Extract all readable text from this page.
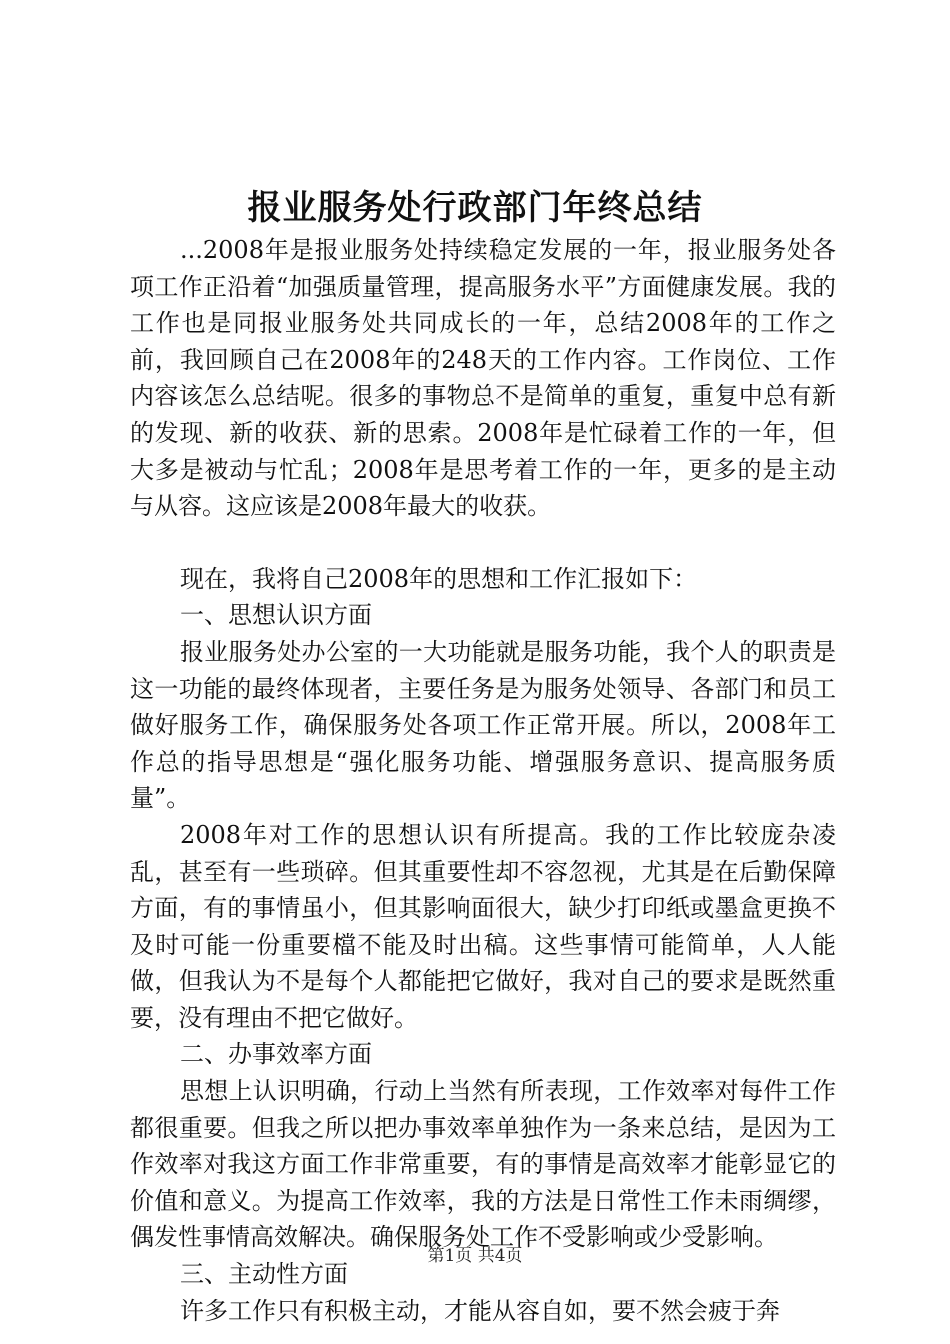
报业服务处行政部门年终总结

...2008年是报业服务处持续稳定发展的一年，报业服务处各项工作正沿着“加强质量管理，提高服务水平”方面健康发展。我的工作也是同报业服务处共同成长的一年，总结2008年的工作之前，我回顾自己在2008年的248天的工作内容。工作岗位、工作内容该怎么总结呢。很多的事物总不是简单的重复，重复中总有新的发现、新的收获、新的思索。2008年是忙碌着工作的一年，但大多是被动与忙乱；2008年是思考着工作的一年，更多的是主动与从容。这应该是2008年最大的收获。

现在，我将自己2008年的思想和工作汇报如下：

一、思想认识方面

报业服务处办公室的一大功能就是服务功能，我个人的职责是这一功能的最终体现者，主要任务是为服务处领导、各部门和员工做好服务工作，确保服务处各项工作正常开展。所以，2008年工作总的指导思想是“强化服务功能、增强服务意识、提高服务质量”。

2008年对工作的思想认识有所提高。我的工作比较庞杂凌乱，甚至有一些琐碎。但其重要性却不容忽视，尤其是在后勤保障方面，有的事情虽小，但其影响面很大，缺少打印纸或墨盒更换不及时可能一份重要檔不能及时出稿。这些事情可能简单，人人能做，但我认为不是每个人都能把它做好，我对自己的要求是既然重要，没有理由不把它做好。

二、办事效率方面

思想上认识明确，行动上当然有所表现，工作效率对每件工作都很重要。但我之所以把办事效率单独作为一条来总结，是因为工作效率对我这方面工作非常重要，有的事情是高效率才能彰显它的价值和意义。为提高工作效率，我的方法是日常性工作未雨绸缪，偶发性事情高效解决。确保服务处工作不受影响或少受影响。

三、主动性方面

许多工作只有积极主动，才能从容自如，要不然会疲于奔

第1页 共4页
